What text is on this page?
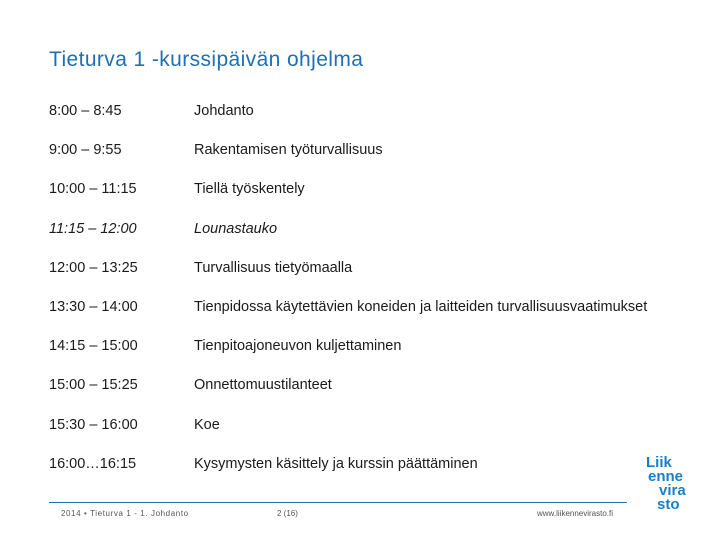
Tieturva 1 -kurssipäivän ohjelma
8:00 – 8:45	Johdanto
9:00 – 9:55	Rakentamisen työturvallisuus
10:00 – 11:15	Tiellä työskentely
11:15 – 12:00	Lounastauko
12:00 – 13:25	Turvallisuus tietyömaalla
13:30 – 14:00	Tienpidossa käytettävien koneiden ja laitteiden turvallisuusvaatimukset
14:15 – 15:00	Tienpitoajoneuvon kuljettaminen
15:00 – 15:25	Onnettomuustilanteet
15:30 – 16:00	Koe
16:00…16:15	Kysymysten käsittely ja kurssin päättäminen
2014 • Tieturva 1 - 1. Johdanto	2 (16)	www.liikennevirasto.fi
Liik
enne
vira
sto
